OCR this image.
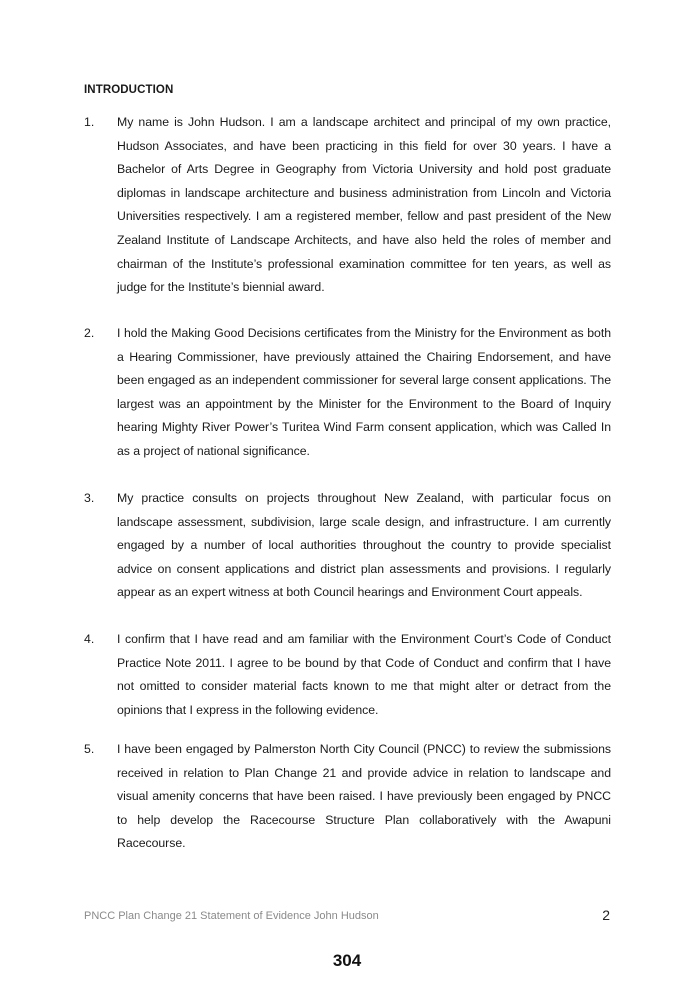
INTRODUCTION
1.	My name is John Hudson. I am a landscape architect and principal of my own practice, Hudson Associates, and have been practicing in this field for over 30 years. I have a Bachelor of Arts Degree in Geography from Victoria University and hold post graduate diplomas in landscape architecture and business administration from Lincoln and Victoria Universities respectively. I am a registered member, fellow and past president of the New Zealand Institute of Landscape Architects, and have also held the roles of member and chairman of the Institute’s professional examination committee for ten years, as well as judge for the Institute’s biennial award.
2.	I hold the Making Good Decisions certificates from the Ministry for the Environment as both a Hearing Commissioner, have previously attained the Chairing Endorsement, and have been engaged as an independent commissioner for several large consent applications. The largest was an appointment by the Minister for the Environment to the Board of Inquiry hearing Mighty River Power’s Turitea Wind Farm consent application, which was Called In as a project of national significance.
3.	My practice consults on projects throughout New Zealand, with particular focus on landscape assessment, subdivision, large scale design, and infrastructure. I am currently engaged by a number of local authorities throughout the country to provide specialist advice on consent applications and district plan assessments and provisions. I regularly appear as an expert witness at both Council hearings and Environment Court appeals.
4.	I confirm that I have read and am familiar with the Environment Court’s Code of Conduct Practice Note 2011. I agree to be bound by that Code of Conduct and confirm that I have not omitted to consider material facts known to me that might alter or detract from the opinions that I express in the following evidence.
5.	I have been engaged by Palmerston North City Council (PNCC) to review the submissions received in relation to Plan Change 21 and provide advice in relation to landscape and visual amenity concerns that have been raised. I have previously been engaged by PNCC to help develop the Racecourse Structure Plan collaboratively with the Awapuni Racecourse.
PNCC Plan Change 21 Statement of Evidence John Hudson	2
304
